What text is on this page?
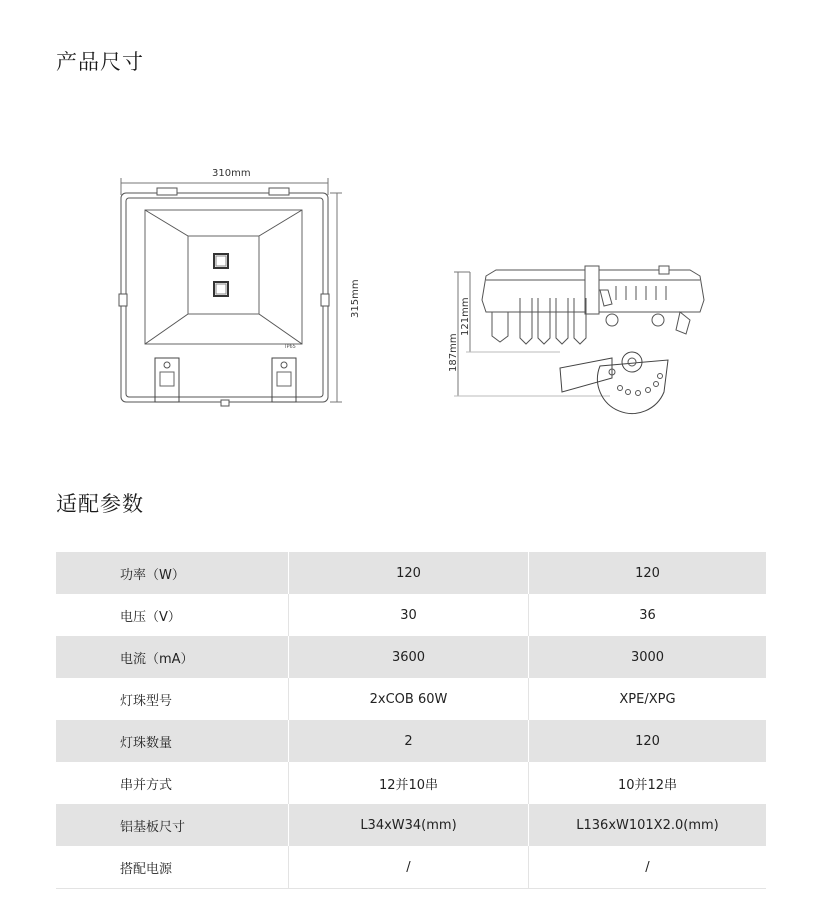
产品尺寸
310mm
315mm
IP65	187mm
121mm
适配参数
功率（W）	120	120
电压（V）	30	36
电流（mA）	3600	3000
灯珠型号	2xCOB 60W	XPE/XPG
灯珠数量	2	120
串并方式	12并10串	10并12串
铝基板尺寸	L34xW34(mm)	L136xW101X2.0(mm)
搭配电源	/	/
